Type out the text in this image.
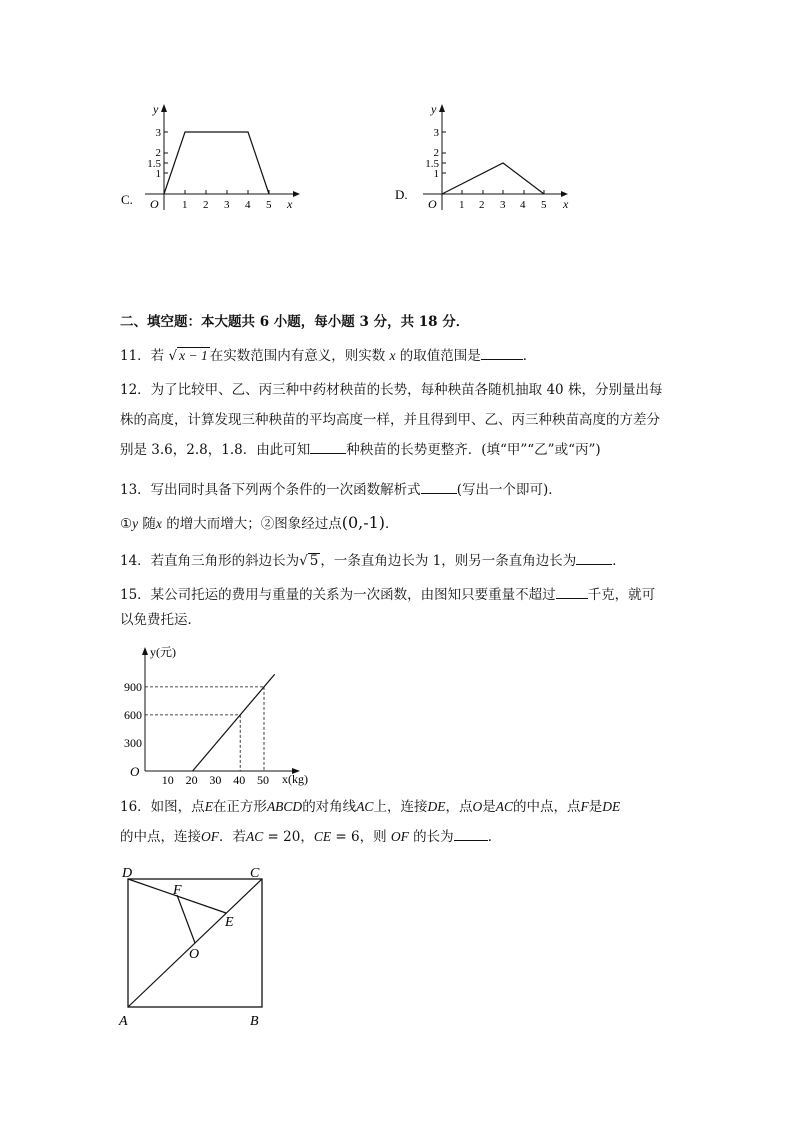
C.
y
x
O 1 2 3 4 5
3
2
1.5
1
D.
y
x
O 1 2 3 4 5
3
2
1.5
1
二、填空题：本大题共 6 小题，每小题 3 分，共 18 分．
11．若 √ x − 1 在实数范围内有意义，则实数 x 的取值范围是	．
12．为了比较甲、乙、丙三种中药材秧苗的长势，每种秧苗各随机抽取 40 株，分别量出每
株的高度，计算发现三种秧苗的平均高度一样，并且得到甲、乙、丙三种秧苗高度的方差分
别是 3.6，2.8，1.8．由此可知	种秧苗的长势更整齐．(填“甲”“乙”或“丙”)
13．写出同时具备下列两个条件的一次函数解析式	(写出一个即可)．
①y 随x 的增大而增大；②图象经过点(0,-1)．
14．若直角三角形的斜边长为√ 5 ，一条直角边长为 1，则另一条直角边长为	．
15．某公司托运的费用与重量的关系为一次函数，由图知只要重量不超过 千克，就可
以免费托运．
y(元)
x(kg)
O
10 20 30 40 50
300
600
900
16．如图，点E在正方形ABCD的对角线AC上，连接DE，点O是AC的中点，点F是DE
的中点，连接OF．若AC = 20，CE = 6，则 OF 的长为	．
D	C
A	B
F
E
O
